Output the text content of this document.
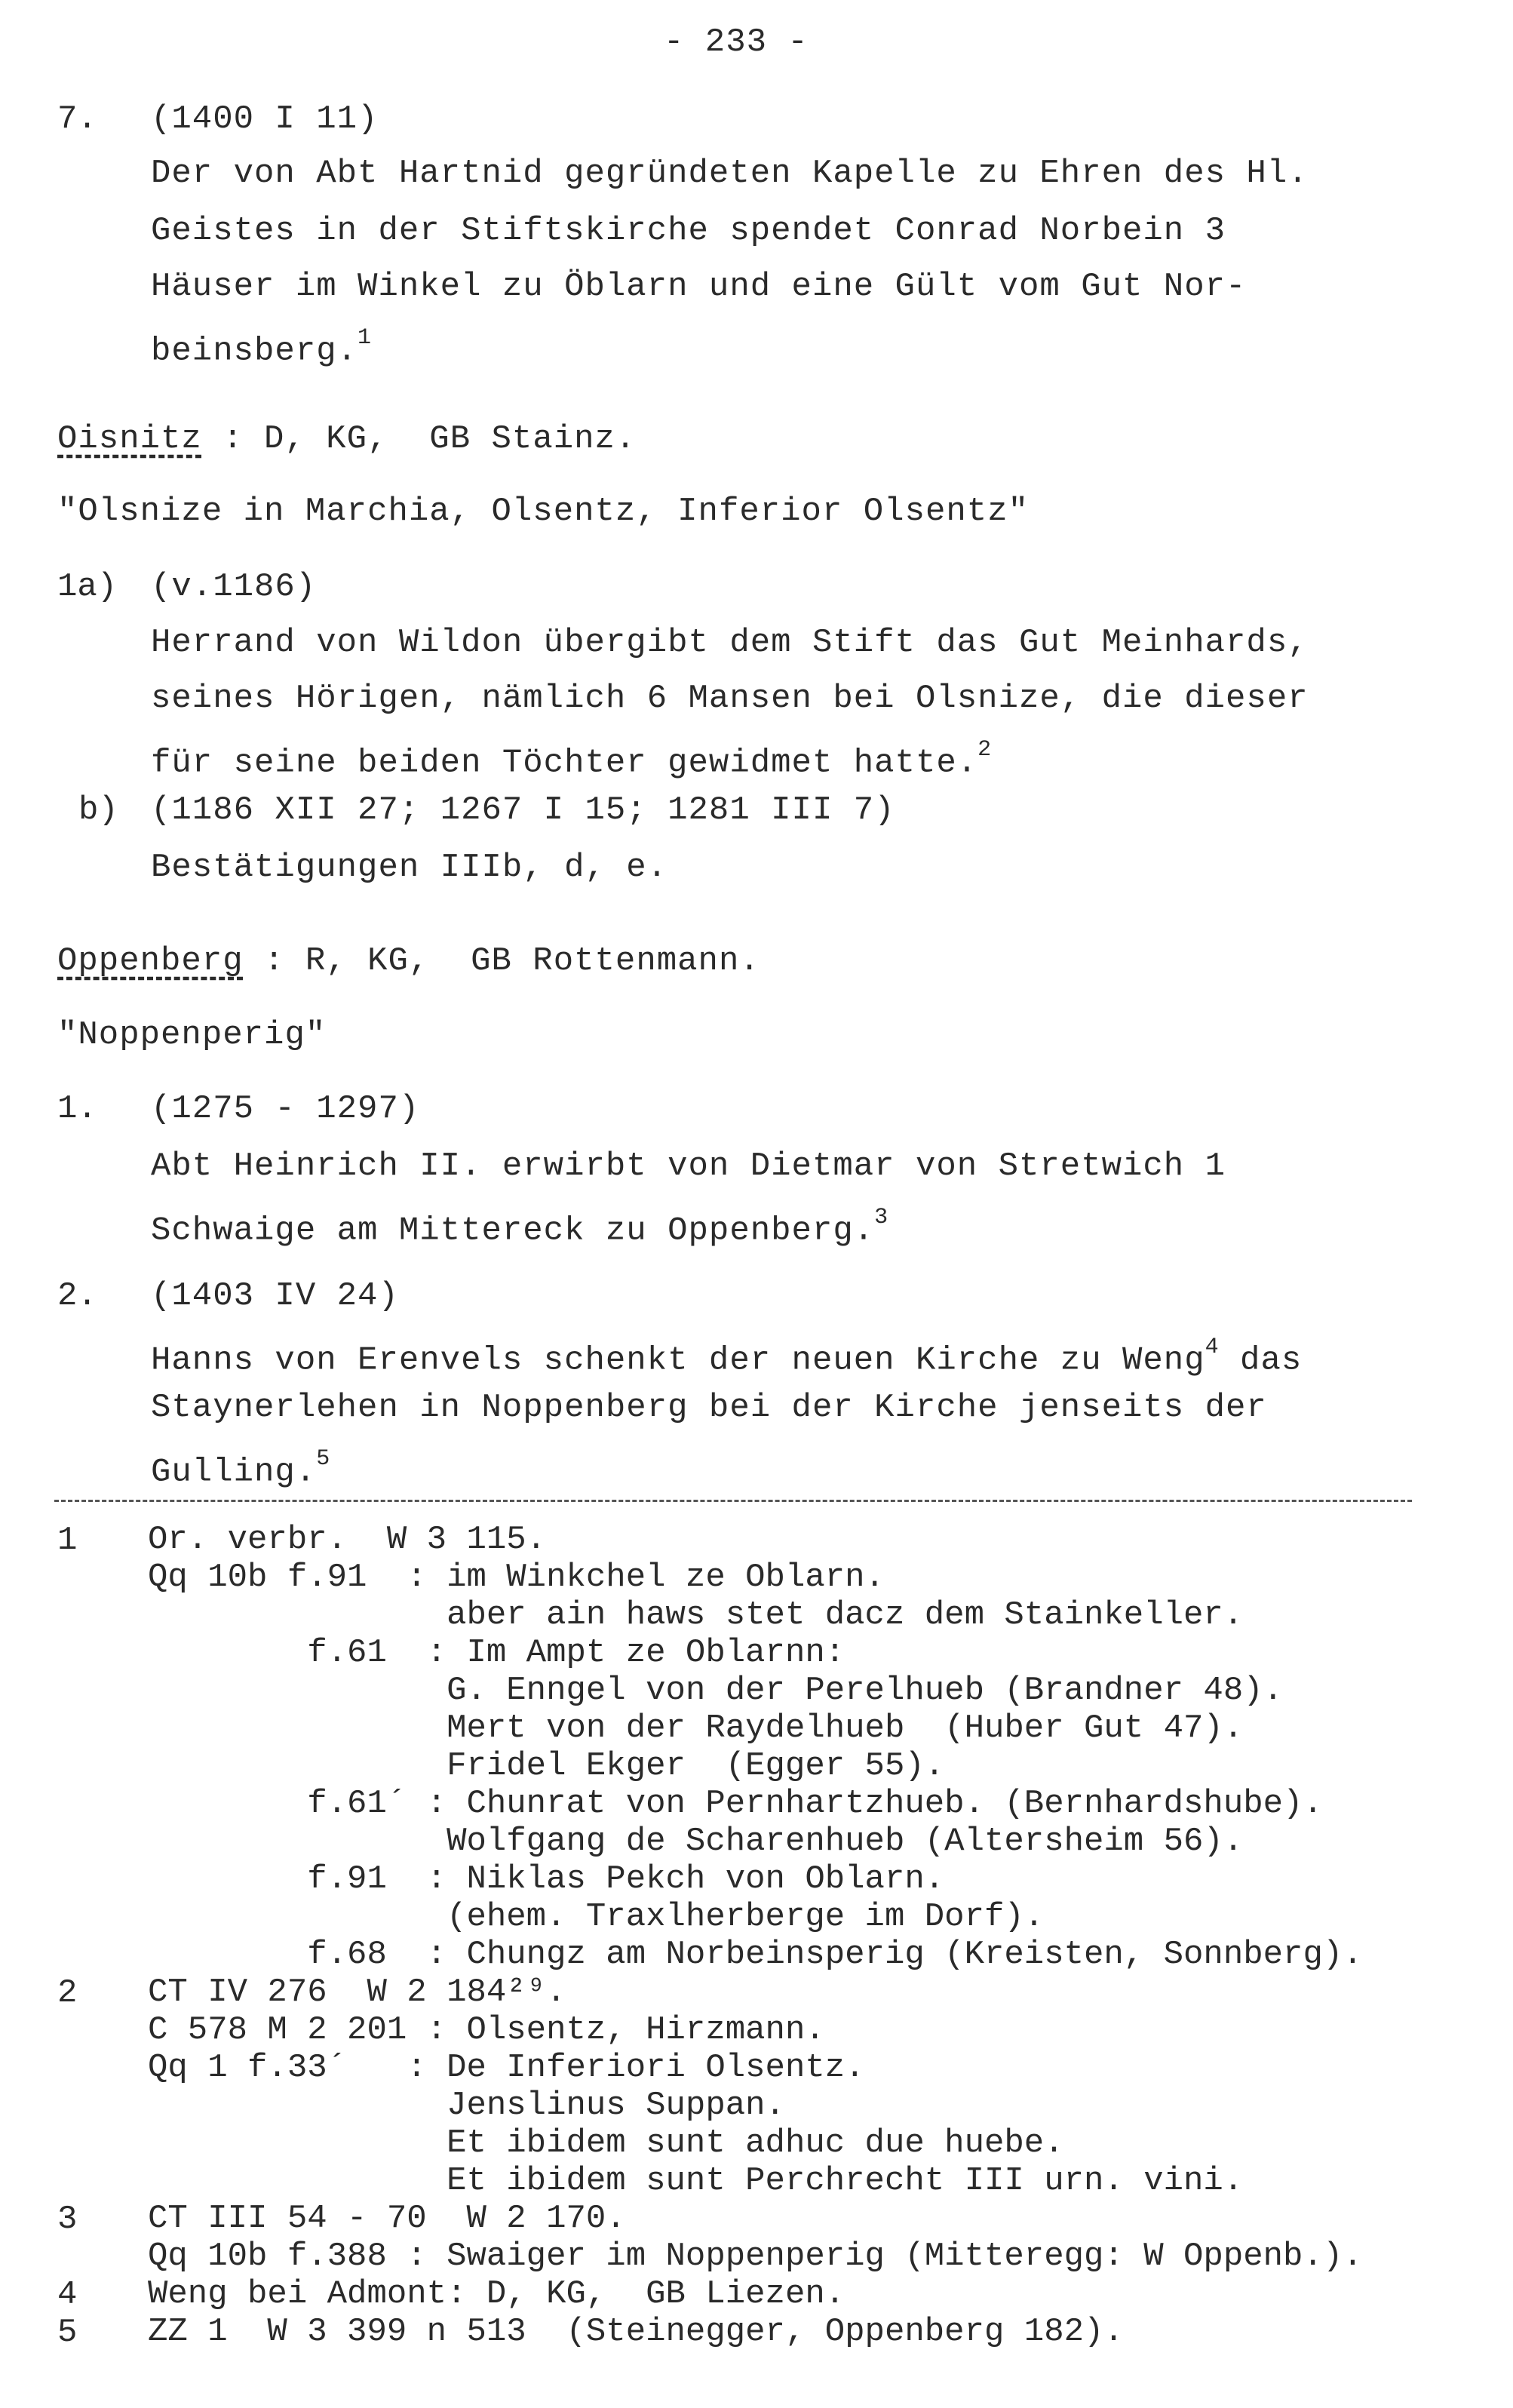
- 233 -
7. (1400 I 11)
Der von Abt Hartnid gegründeten Kapelle zu Ehren des Hl.
Geistes in der Stiftskirche spendet Conrad Norbein 3
Häuser im Winkel zu Öblarn und eine Gült vom Gut Nor-
beinsberg.$^1$
Oisnitz : D, KG,  GB Stainz.
"Olsnize in Marchia, Olsentz, Inferior Olsentz"
1a) (v.1186)
Herrand von Wildon übergibt dem Stift das Gut Meinhards,
seines Hörigen, nämlich 6 Mansen bei Olsnize, die dieser
für seine beiden Töchter gewidmet hatte.$^2$
b) (1186 XII 27; 1267 I 15; 1281 III 7)
Bestätigungen IIIb, d, e.
Oppenberg : R, KG,  GB Rottenmann.
"Noppenperig"
1. (1275 - 1297)
Abt Heinrich II. erwirbt von Dietmar von Stretwich 1
Schwaige am Mittereck zu Oppenberg.$^3$
2. (1403 IV 24)
Hanns von Erenvels schenkt der neuen Kirche zu Weng$^4$ das
Staynerlehen in Noppenberg bei der Kirche jenseits der
Gulling.$^5$
1 Or. verbr.  W 3 115.
Qq 10b f.91  : im Winkchel ze Oblarn.
aber ain haws stet dacz dem Stainkeller.
f.61  : Im Ampt ze Oblarnn:
G. Enngel von der Perelhueb (Brandner 48).
Mert von der Raydelhueb  (Huber Gut 47).
Fridel Ekger  (Egger 55).
f.61´ : Chunrat von Pernhartzhueb. (Bernhardshube).
Wolfgang de Scharenhueb (Altersheim 56).
f.91  : Niklas Pekch von Oblarn.
(ehem. Traxlherberge im Dorf).
f.68  : Chungz am Norbeinsperig (Kreisten, Sonnberg).
2 CT IV 276  W 2 184²⁹.
C 578 M 2 201 : Olsentz, Hirzmann.
Qq 1 f.33´   : De Inferiori Olsentz.
Jenslinus Suppan.
Et ibidem sunt adhuc due huebe.
Et ibidem sunt Perchrecht III urn. vini.
3 CT III 54 - 70  W 2 170.
Qq 10b f.388 : Swaiger im Noppenperig (Mitteregg: W Oppenb.).
4 Weng bei Admont: D, KG,  GB Liezen.
5 ZZ 1  W 3 399 n 513  (Steinegger, Oppenberg 182).
